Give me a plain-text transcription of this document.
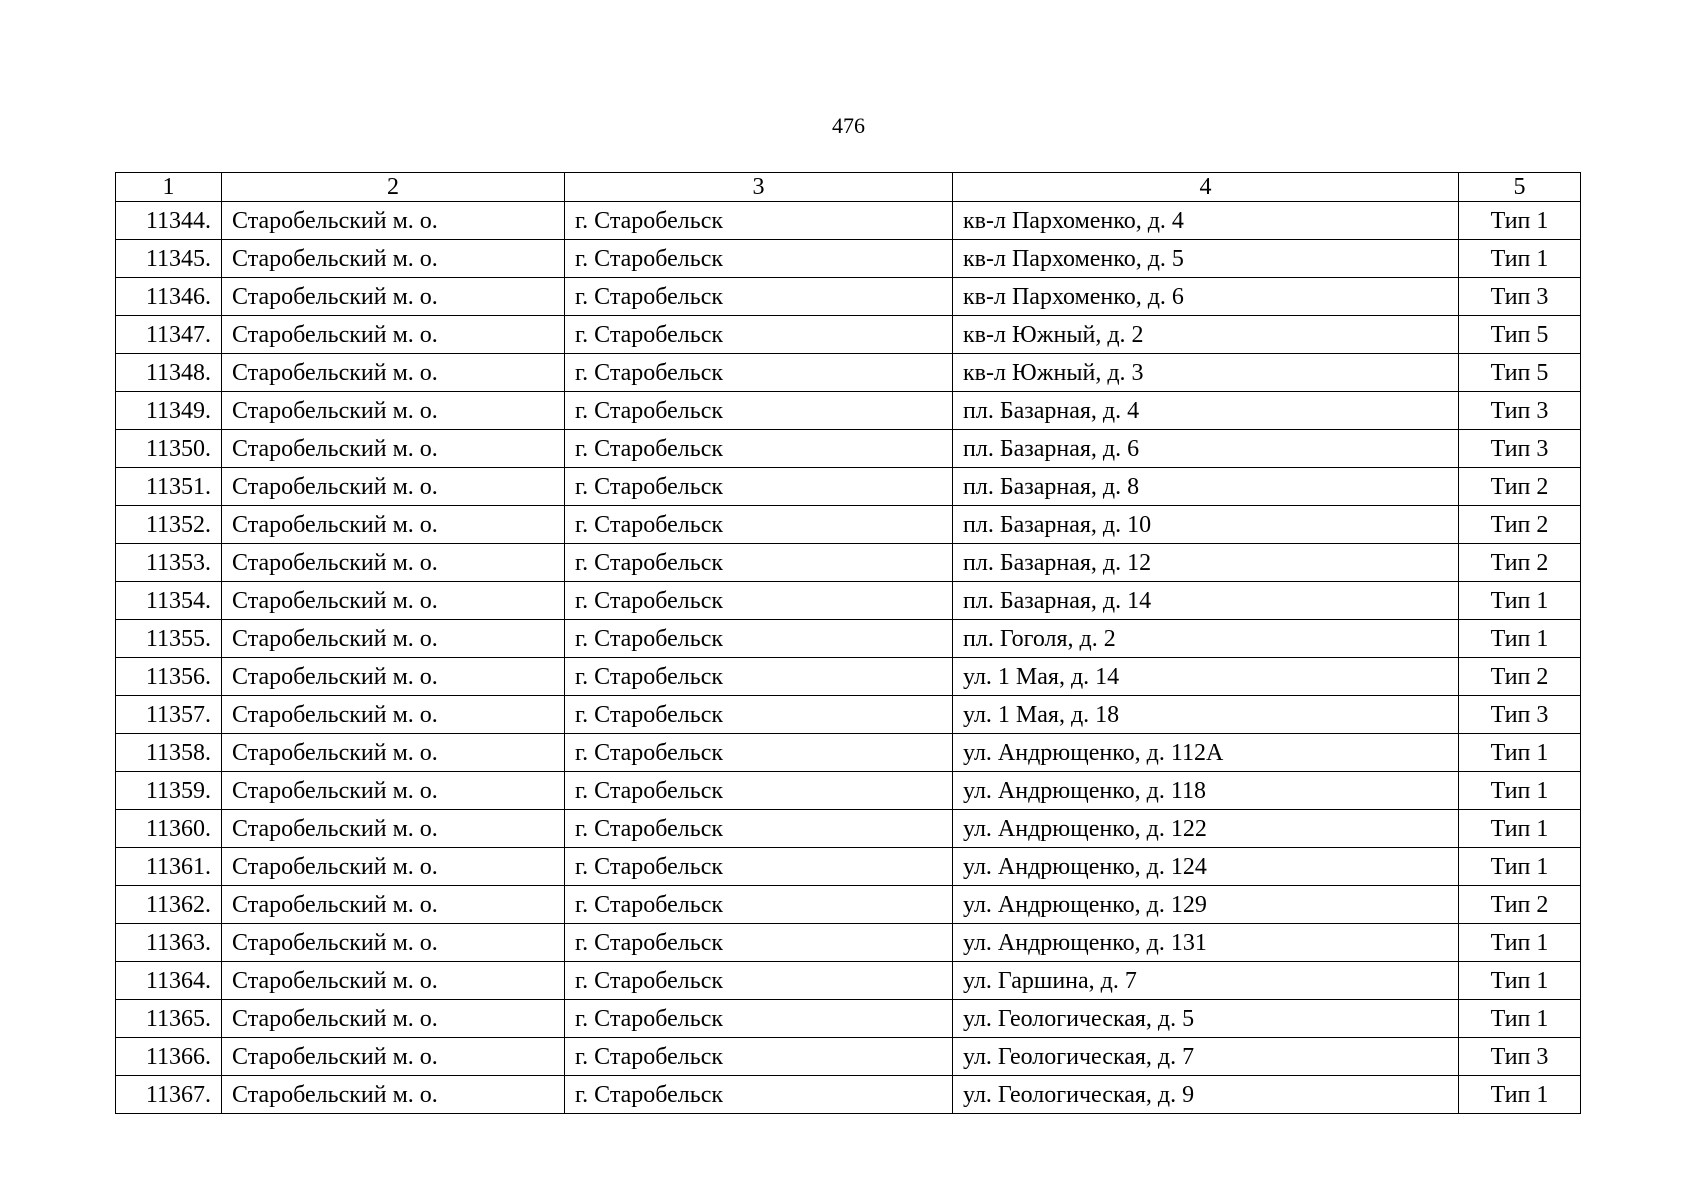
476
1	2	3	4	5
11344.	Старобельский м. о.	г. Старобельск	кв-л Пархоменко, д. 4	Тип 1
11345.	Старобельский м. о.	г. Старобельск	кв-л Пархоменко, д. 5	Тип 1
11346.	Старобельский м. о.	г. Старобельск	кв-л Пархоменко, д. 6	Тип 3
11347.	Старобельский м. о.	г. Старобельск	кв-л Южный, д. 2	Тип 5
11348.	Старобельский м. о.	г. Старобельск	кв-л Южный, д. 3	Тип 5
11349.	Старобельский м. о.	г. Старобельск	пл. Базарная, д. 4	Тип 3
11350.	Старобельский м. о.	г. Старобельск	пл. Базарная, д. 6	Тип 3
11351.	Старобельский м. о.	г. Старобельск	пл. Базарная, д. 8	Тип 2
11352.	Старобельский м. о.	г. Старобельск	пл. Базарная, д. 10	Тип 2
11353.	Старобельский м. о.	г. Старобельск	пл. Базарная, д. 12	Тип 2
11354.	Старобельский м. о.	г. Старобельск	пл. Базарная, д. 14	Тип 1
11355.	Старобельский м. о.	г. Старобельск	пл. Гоголя, д. 2	Тип 1
11356.	Старобельский м. о.	г. Старобельск	ул. 1 Мая, д. 14	Тип 2
11357.	Старобельский м. о.	г. Старобельск	ул. 1 Мая, д. 18	Тип 3
11358.	Старобельский м. о.	г. Старобельск	ул. Андрющенко, д. 112А	Тип 1
11359.	Старобельский м. о.	г. Старобельск	ул. Андрющенко, д. 118	Тип 1
11360.	Старобельский м. о.	г. Старобельск	ул. Андрющенко, д. 122	Тип 1
11361.	Старобельский м. о.	г. Старобельск	ул. Андрющенко, д. 124	Тип 1
11362.	Старобельский м. о.	г. Старобельск	ул. Андрющенко, д. 129	Тип 2
11363.	Старобельский м. о.	г. Старобельск	ул. Андрющенко, д. 131	Тип 1
11364.	Старобельский м. о.	г. Старобельск	ул. Гаршина, д. 7	Тип 1
11365.	Старобельский м. о.	г. Старобельск	ул. Геологическая, д. 5	Тип 1
11366.	Старобельский м. о.	г. Старобельск	ул. Геологическая, д. 7	Тип 3
11367.	Старобельский м. о.	г. Старобельск	ул. Геологическая, д. 9	Тип 1
